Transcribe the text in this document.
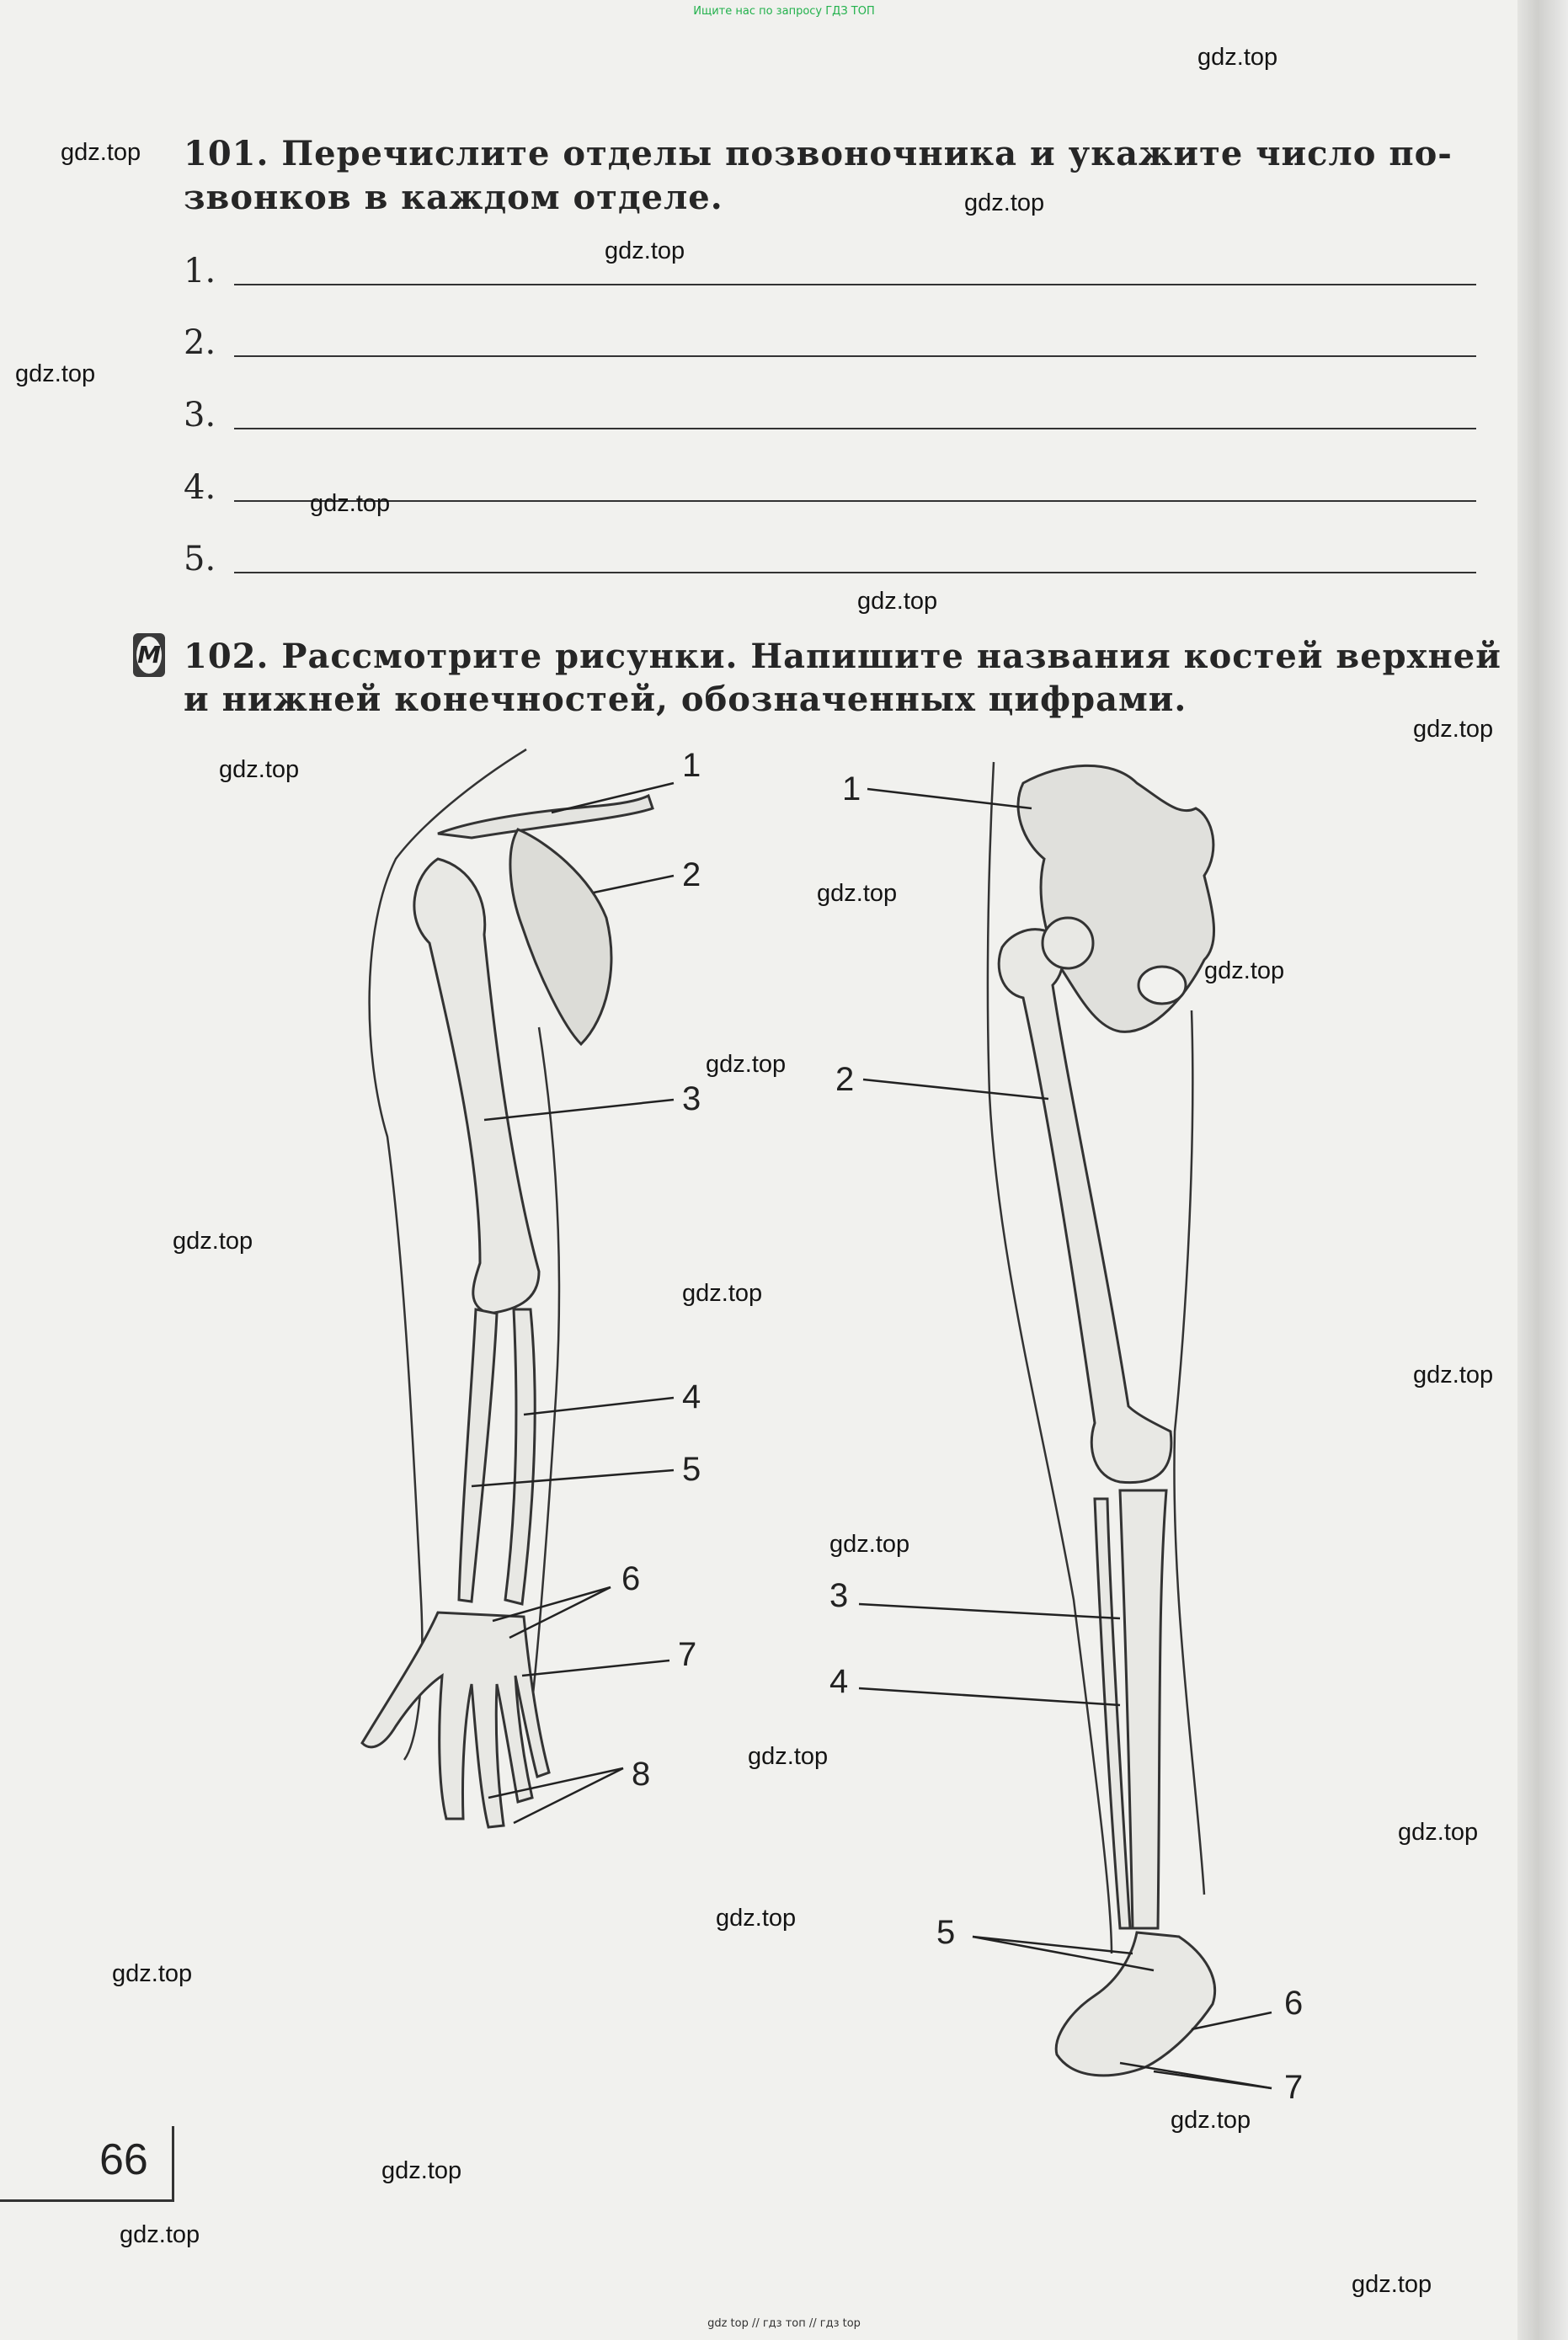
Ищите нас по запросу ГДЗ ТОП
101. Перечислите отделы позвоночника и укажите число по-
звонков в каждом отделе.
1.
2.
3.
4.
5.
М 102. Рассмотрите рисунки. Напишите названия костей верхней
и нижней конечностей, обозначенных цифрами.
1
2
3
4
5
6
7
8
1
2
3
4
5
6
7
66
gdz.top
gdz.top
gdz.top
gdz.top
gdz.top
gdz.top
gdz.top
gdz.top
gdz.top
gdz.top
gdz.top
gdz.top
gdz.top
gdz.top
gdz.top
gdz.top
gdz.top
gdz.top
gdz.top
gdz.top
gdz.top
gdz.top
gdz.top
gdz.top
gdz top // гдз топ // гдз top
